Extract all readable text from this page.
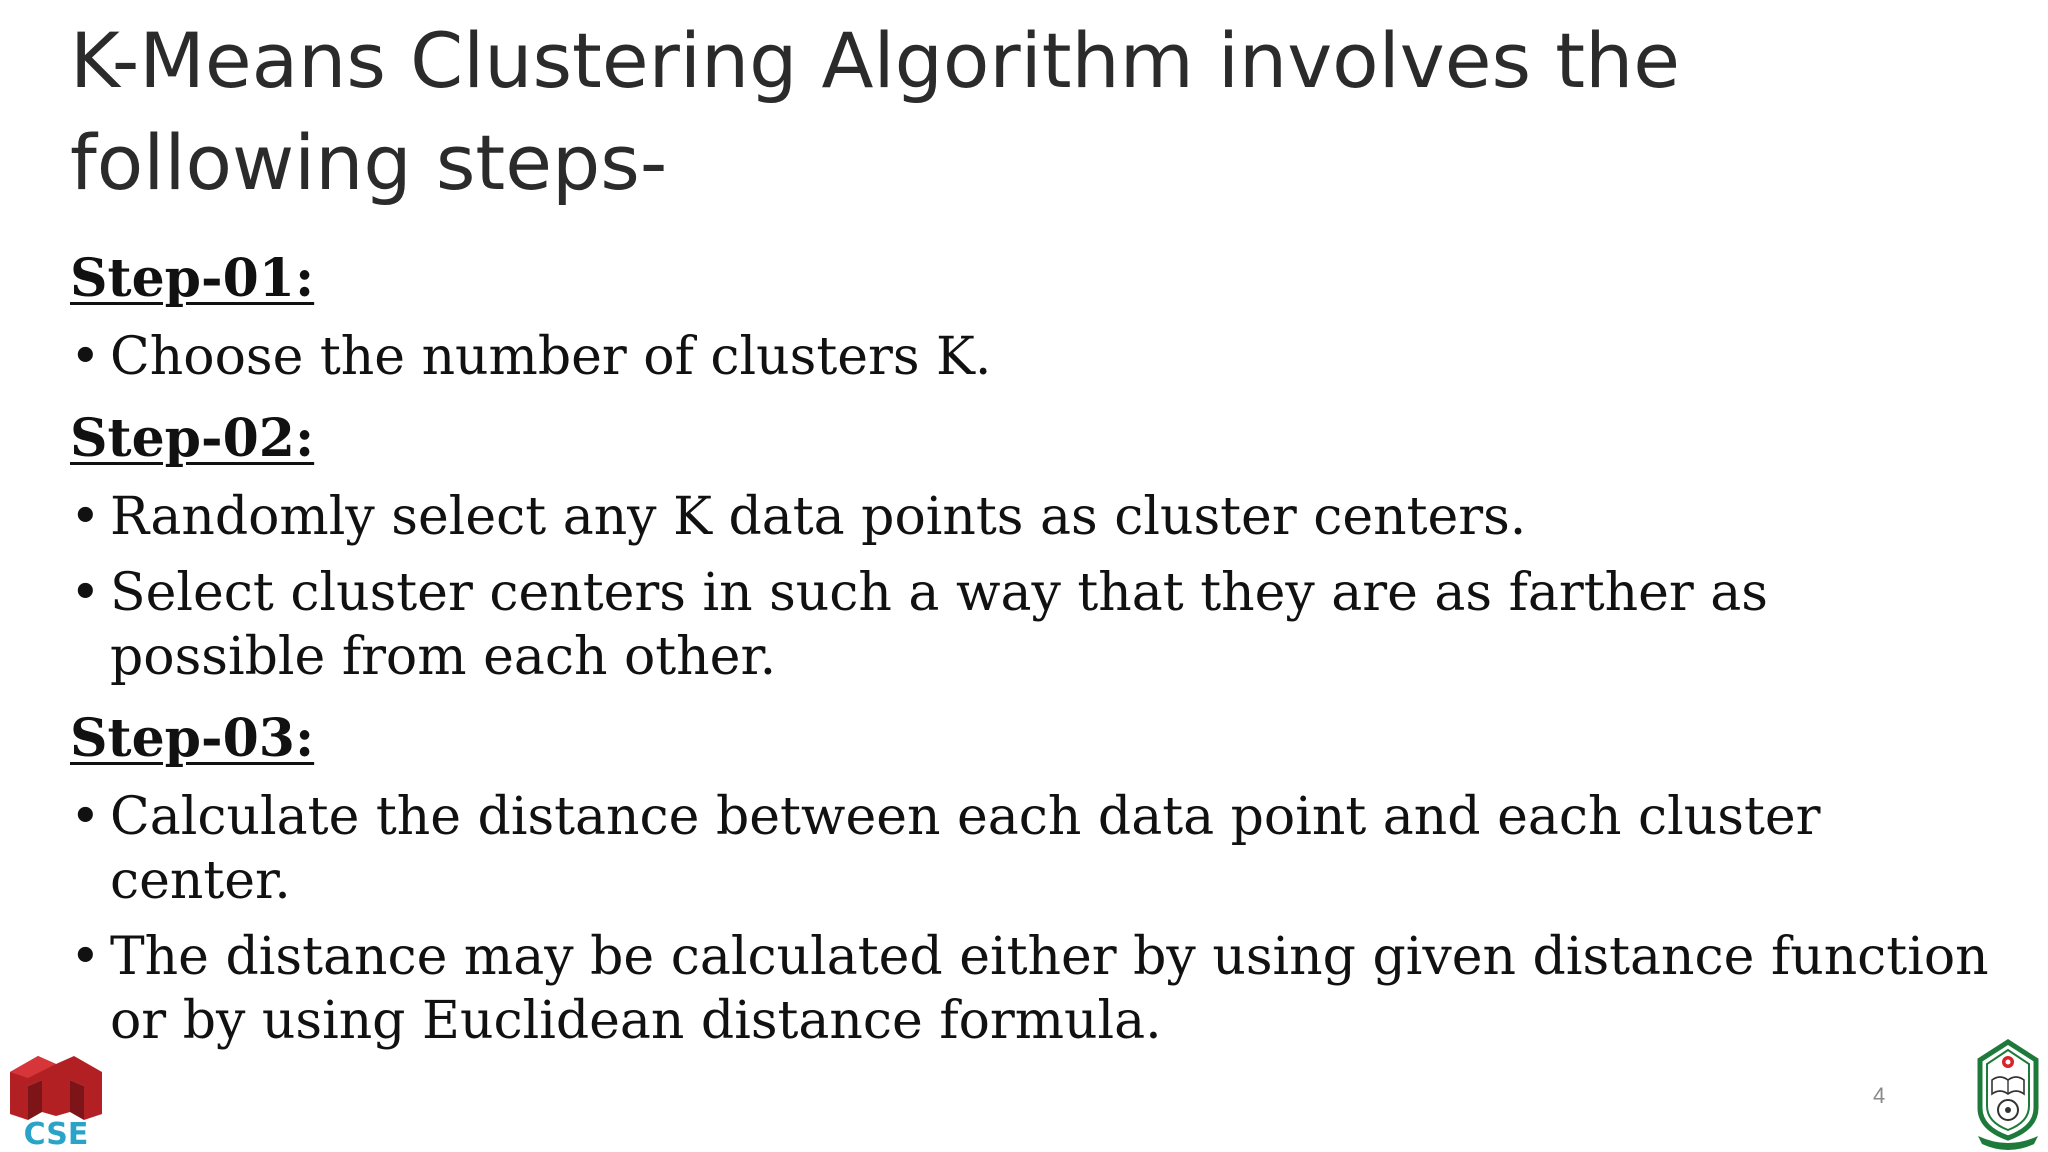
K-Means Clustering Algorithm involves the
following steps-
Step-01:
• Choose the number of clusters K.
Step-02:
• Randomly select any K data points as cluster centers.
• Select cluster centers in such a way that they are as farther as possible from each other.
Step-03:
• Calculate the distance between each data point and each cluster center.
• The distance may be calculated either by using given distance function or by using Euclidean distance formula.
CSE
4
